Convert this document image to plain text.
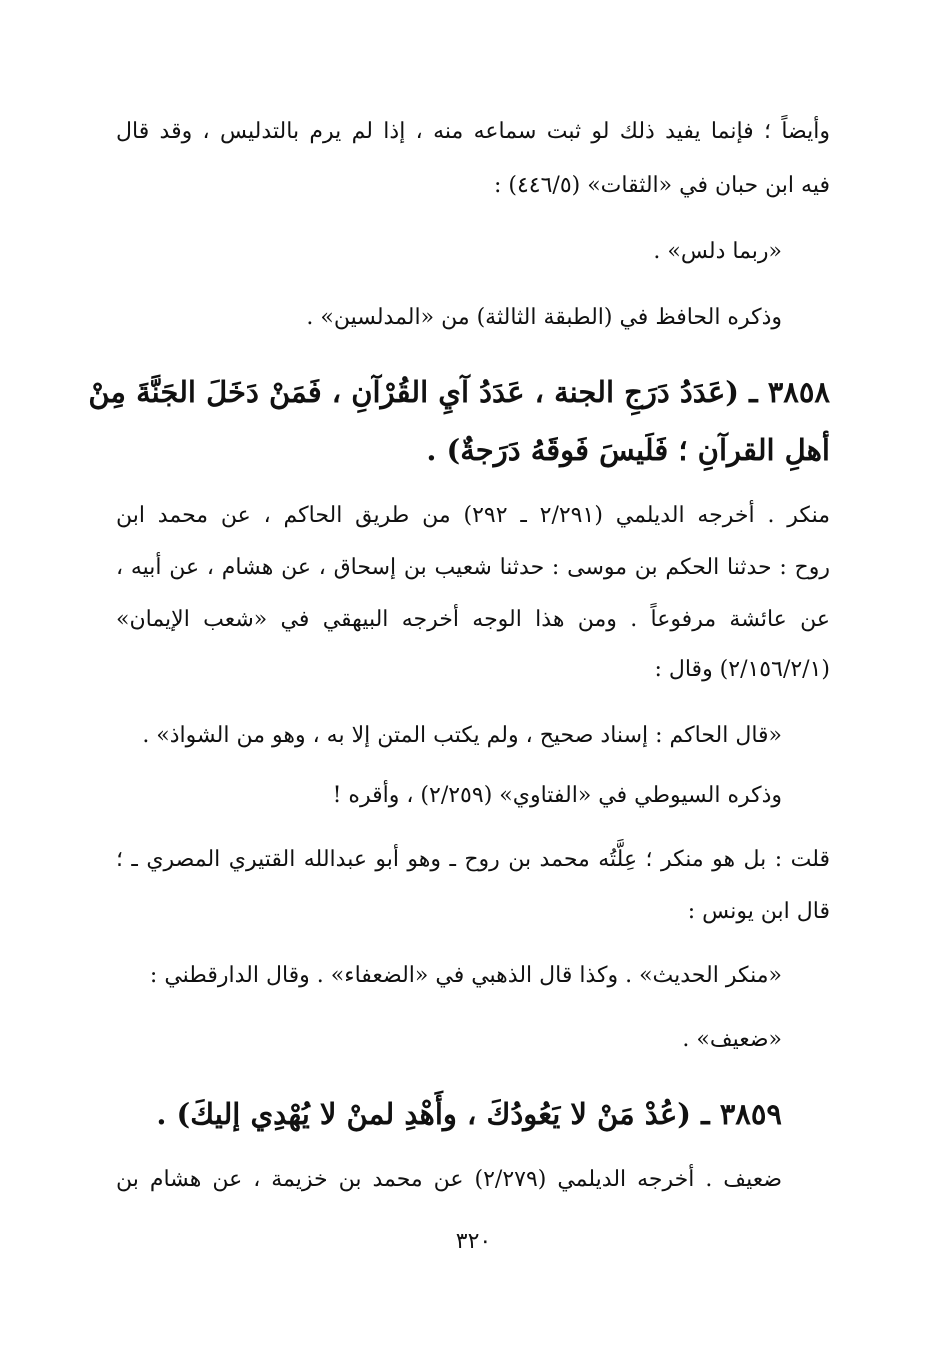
وأيضاً ؛ فإنما يفيد ذلك لو ثبت سماعه منه ، إذا لم يرم بالتدليس ، وقد قال

فيه ابن حبان في «الثقات» (٤٤٦/٥) :

«ربما دلس» .

وذكره الحافظ في (الطبقة الثالثة) من «المدلسين» .

٣٨٥٨ ـ (عَدَدُ دَرَجِ الجنة ، عَدَدُ آيِ القُرْآنِ ، فَمَنْ دَخَلَ الجَنَّةَ مِنْ

أهلِ القرآنِ ؛ فَلَيسَ فَوقَهُ دَرَجةٌ) .

منكر . أخرجه الديلمي (٢/٢٩١ ـ ٢٩٢) من طريق الحاكم ، عن محمد ابن

روح : حدثنا الحكم بن موسى : حدثنا شعيب بن إسحاق ، عن هشام ، عن أبيه ،

عن عائشة مرفوعاً . ومن هذا الوجه أخرجه البيهقي في «شعب الإيمان»

(٢/١٥٦/٢/١) وقال :

«قال الحاكم : إسناد صحيح ، ولم يكتب المتن إلا به ، وهو من الشواذ» .

وذكره السيوطي في «الفتاوي» (٢/٢٥٩) ، وأقره !

قلت : بل هو منكر ؛ عِلَّتُه محمد بن روح ـ وهو أبو عبدالله القتيري المصري ـ ؛

قال ابن يونس :

«منكر الحديث» . وكذا قال الذهبي في «الضعفاء» . وقال الدارقطني :

«ضعيف» .

٣٨٥٩ ـ (عُدْ مَنْ لا يَعُودُكَ ، وأَهْدِ لمنْ لا يُهْدِي إليكَ) .

ضعيف . أخرجه الديلمي (٢/٢٧٩) عن محمد بن خزيمة ، عن هشام بن

٣٢٠
